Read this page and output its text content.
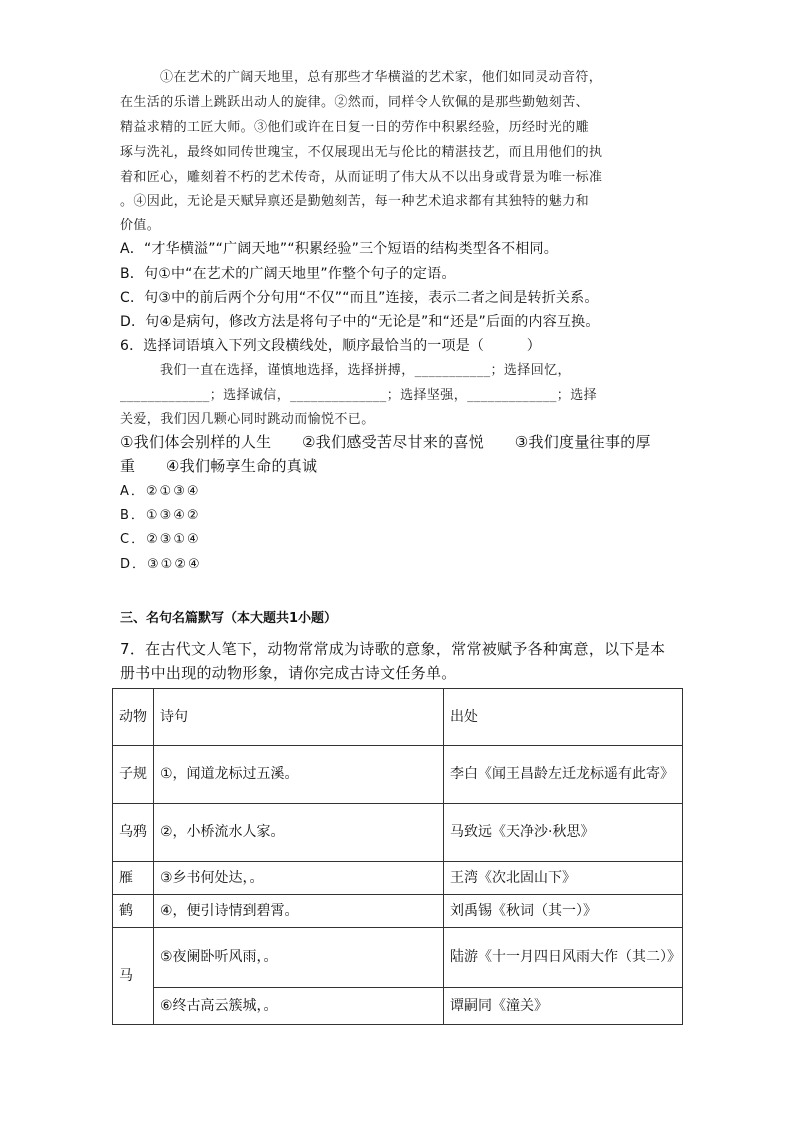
①在艺术的广阔天地里，总有那些才华横溢的艺术家，他们如同灵动音符，
在生活的乐谱上跳跃出动人的旋律。②然而，同样令人钦佩的是那些勤勉刻苦、
精益求精的工匠大师。③他们或许在日复一日的劳作中积累经验，历经时光的雕
琢与洗礼，最终如同传世瑰宝，不仅展现出无与伦比的精湛技艺，而且用他们的执
着和匠心，雕刻着不朽的艺术传奇，从而证明了伟大从不以出身或背景为唯一标准
。④因此，无论是天赋异禀还是勤勉刻苦，每一种艺术追求都有其独特的魅力和
价值。
A．“才华横溢”“广阔天地”“积累经验”三个短语的结构类型各不相同。
B．句①中“在艺术的广阔天地里”作整个句子的定语。
C．句③中的前后两个分句用“不仅”“而且”连接，表示二者之间是转折关系。
D．句④是病句，修改方法是将句子中的“无论是”和“还是”后面的内容互换。
6．选择词语填入下列文段横线处，顺序最恰当的一项是（　　　）
我们一直在选择，谨慎地选择，选择拼搏，___________；选择回忆，
_____________；选择诚信，______________；选择坚强，_____________；选择
关爱，我们因几颗心同时跳动而愉悦不已。
①我们体会别样的人生　　②我们感受苦尽甘来的喜悦　　③我们度量往事的厚
重　　④我们畅享生命的真诚
A．②①③④
B．①③④②
C．②③①④
D．③①②④
三、名句名篇默写（本大题共1小题）
7．在古代文人笔下，动物常常成为诗歌的意象，常常被赋予各种寓意，以下是本
册书中出现的动物形象，请你完成古诗文任务单。
动物	诗句	出处
子规	①，闻道龙标过五溪。	李白《闻王昌龄左迁龙标遥有此寄》
乌鸦	②，小桥流水人家。	马致远《天净沙·秋思》
雁	③乡书何处达，。	王湾《次北固山下》
鹤	④，便引诗情到碧霄。	刘禹锡《秋词（其一）》
马	⑤夜阑卧听风雨，。	陆游《十一月四日风雨大作（其二）》
	⑥终古高云簇城，。	谭嗣同《潼关》
